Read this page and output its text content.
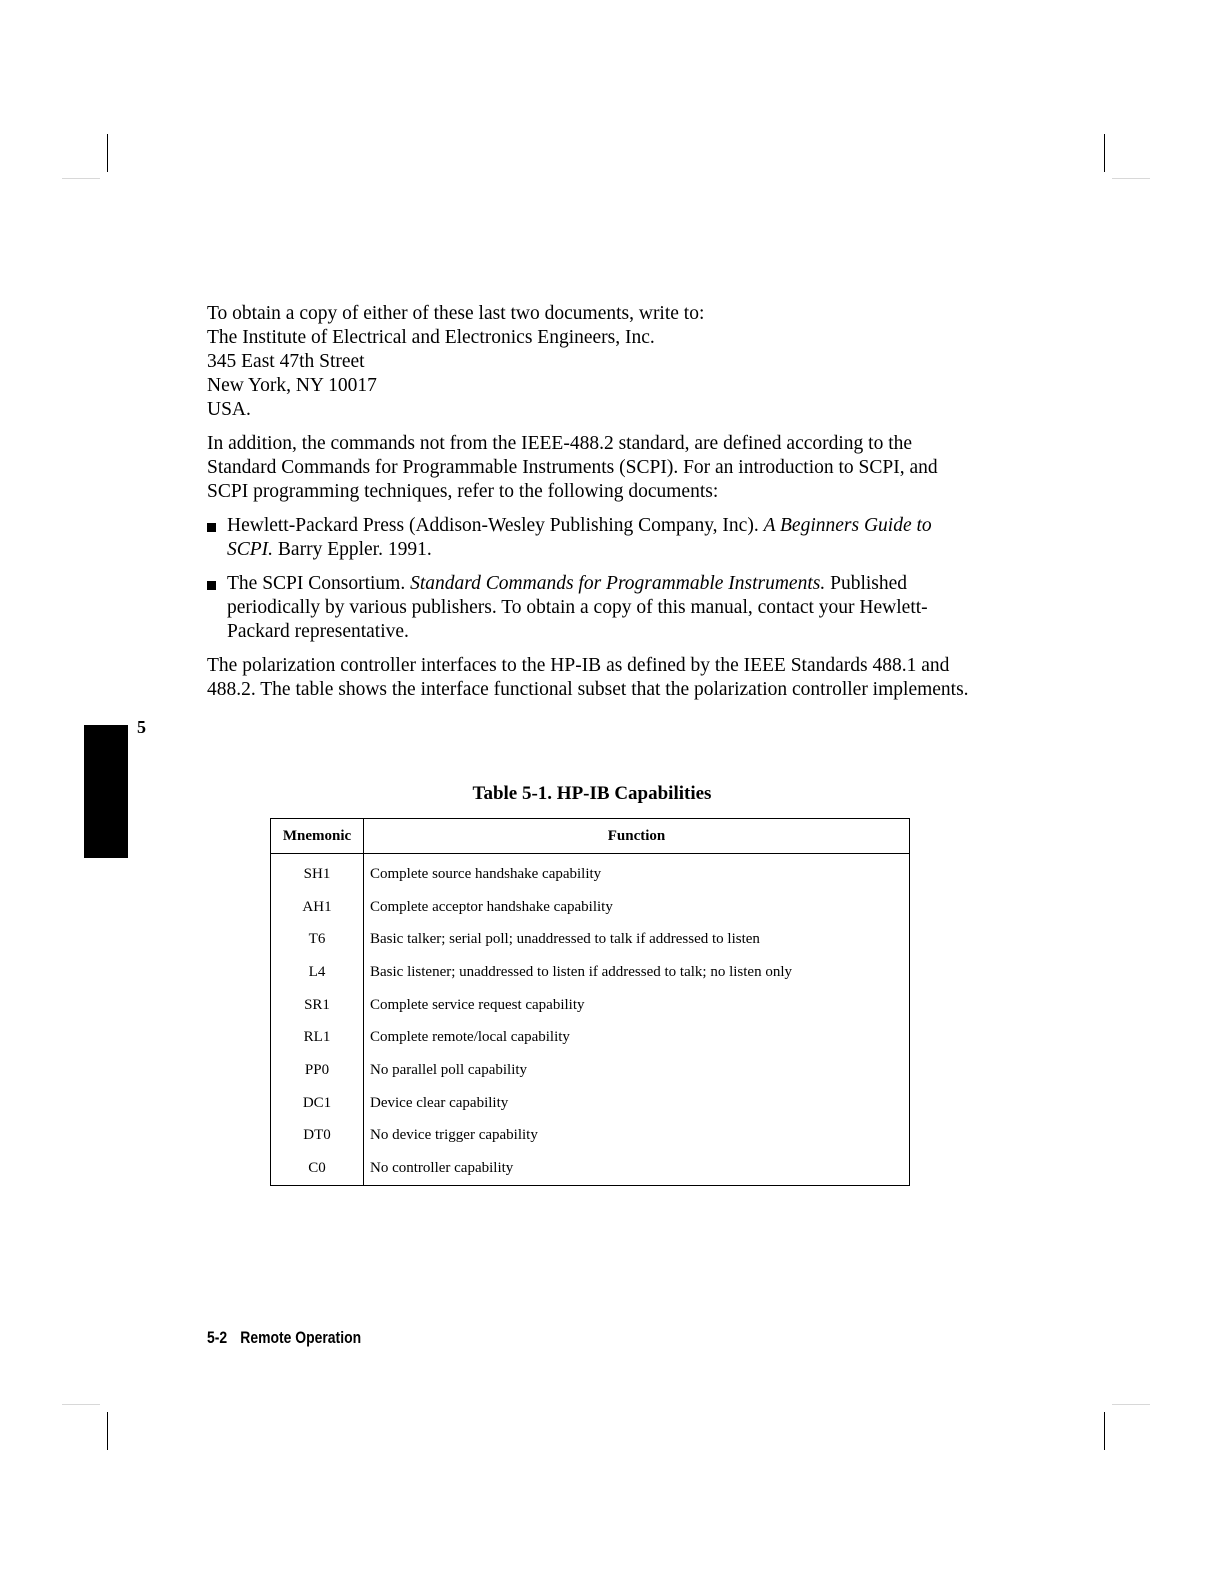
5

To obtain a copy of either of these last two documents, write to:
The Institute of Electrical and Electronics Engineers, Inc.
345 East 47th Street
New York, NY 10017
USA.

In addition, the commands not from the IEEE-488.2 standard, are defined according to the Standard Commands for Programmable Instruments (SCPI). For an introduction to SCPI, and SCPI programming techniques, refer to the following documents:

Hewlett-Packard Press (Addison-Wesley Publishing Company, Inc). A Beginners Guide to SCPI. Barry Eppler. 1991.
The SCPI Consortium. Standard Commands for Programmable Instruments. Published periodically by various publishers. To obtain a copy of this manual, contact your Hewlett-Packard representative.

The polarization controller interfaces to the HP-IB as defined by the IEEE Standards 488.1 and 488.2. The table shows the interface functional subset that the polarization controller implements.

Table 5-1. HP-IB Capabilities
Mnemonic	Function
SH1	Complete source handshake capability
AH1	Complete acceptor handshake capability
T6	Basic talker; serial poll; unaddressed to talk if addressed to listen
L4	Basic listener; unaddressed to listen if addressed to talk; no listen only
SR1	Complete service request capability
RL1	Complete remote/local capability
PP0	No parallel poll capability
DC1	Device clear capability
DT0	No device trigger capability
C0	No controller capability
5-2 Remote Operation
